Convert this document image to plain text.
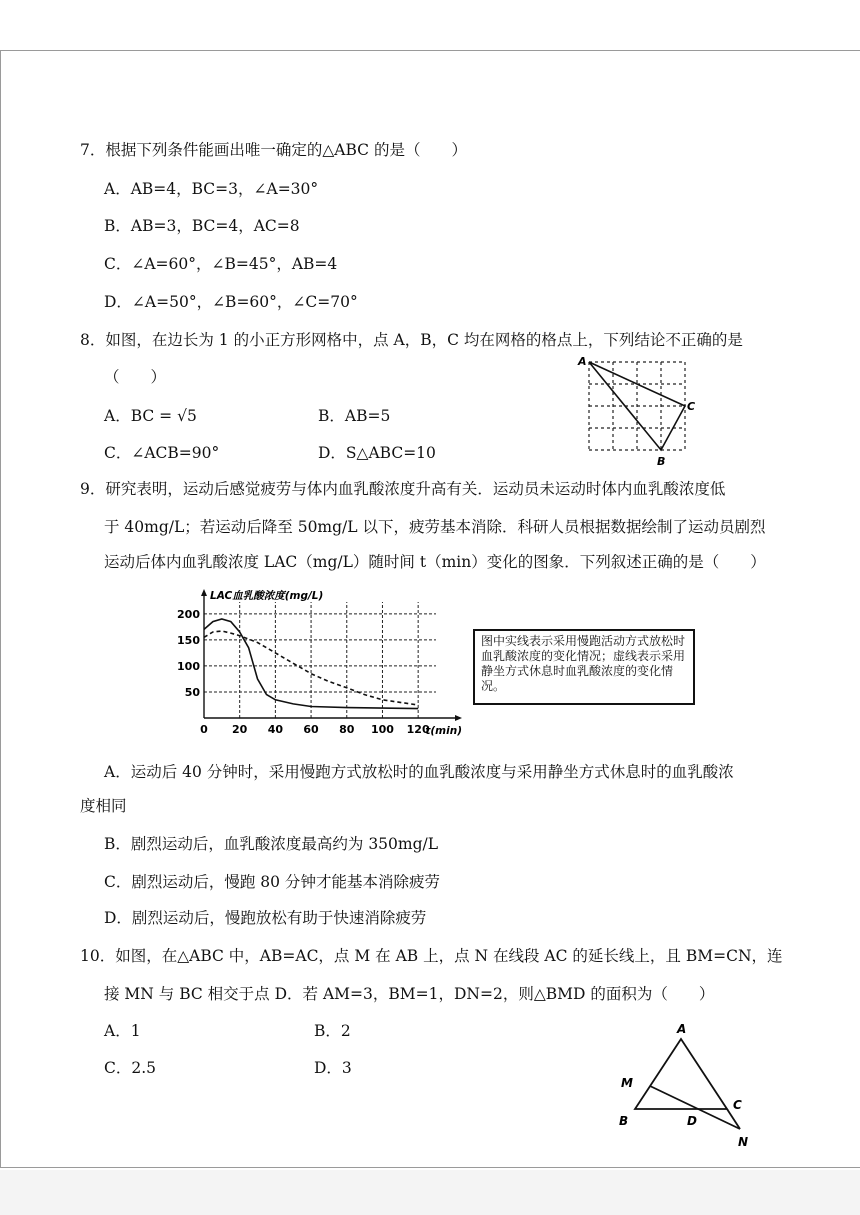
7．根据下列条件能画出唯一确定的△ABC 的是（　　）
A．AB=4，BC=3，∠A=30°
B．AB=3，BC=4，AC=8
C．∠A=60°，∠B=45°，AB=4
D．∠A=50°，∠B=60°，∠C=70°
8．如图，在边长为 1 的小正方形网格中，点 A，B，C 均在网格的格点上，下列结论不正确的是
（　　）
A．BC = √5	B．AB=5
C．∠ACB=90°	D．S△ABC=10
A
C
B
9．研究表明，运动后感觉疲劳与体内血乳酸浓度升高有关．运动员未运动时体内血乳酸浓度低
于 40mg/L；若运动后降至 50mg/L 以下，疲劳基本消除．科研人员根据数据绘制了运动员剧烈
运动后体内血乳酸浓度 LAC（mg/L）随时间 t（min）变化的图象．下列叙述正确的是（　　）
0 20 40 60 80 100 120
50
100
150
200
LAC血乳酸浓度(mg/L)
t(min)
图中实线表示采用慢跑活动方式放松时血乳酸浓度的变化情况；虚线表示采用静坐方式休息时血乳酸浓度的变化情况。
A．运动后 40 分钟时，采用慢跑方式放松时的血乳酸浓度与采用静坐方式休息时的血乳酸浓
度相同
B．剧烈运动后，血乳酸浓度最高约为 350mg/L
C．剧烈运动后，慢跑 80 分钟才能基本消除疲劳
D．剧烈运动后，慢跑放松有助于快速消除疲劳
10．如图，在△ABC 中，AB=AC，点 M 在 AB 上，点 N 在线段 AC 的延长线上，且 BM=CN，连
接 MN 与 BC 相交于点 D．若 AM=3，BM=1，DN=2，则△BMD 的面积为（　　）
A．1	B．2
C．2.5	D．3
A
M
B	D
C
N
